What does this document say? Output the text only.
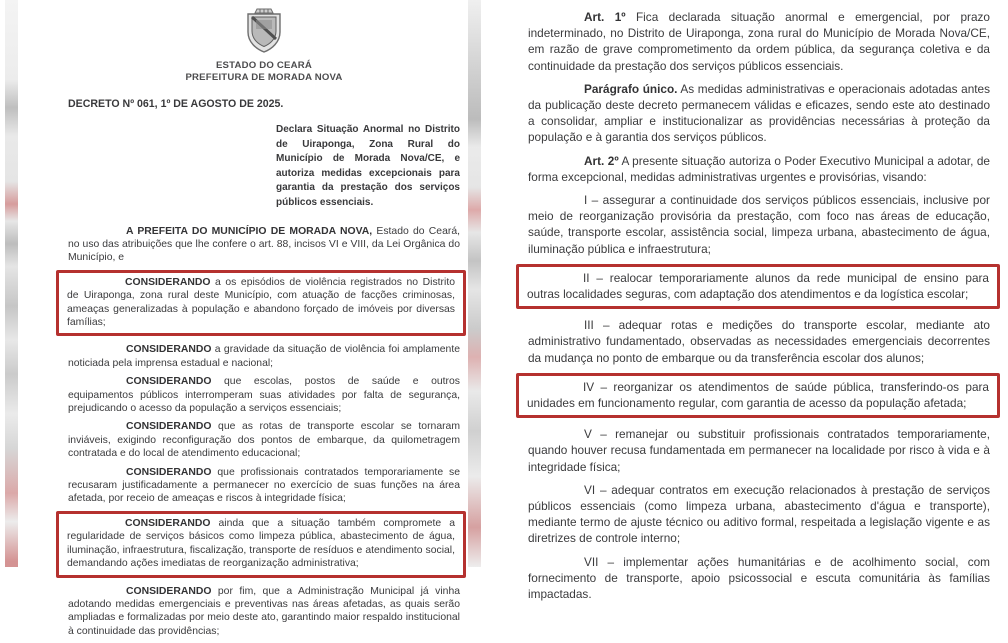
ESTADO DO CEARÁ
PREFEITURA DE MORADA NOVA
DECRETO Nº 061, 1º DE AGOSTO DE 2025.
Declara Situação Anormal no Distrito de Uiraponga, Zona Rural do Município de Morada Nova/CE, e autoriza medidas excepcionais para garantia da prestação dos serviços públicos essenciais.
A PREFEITA DO MUNICÍPIO DE MORADA NOVA, Estado do Ceará, no uso das atribuições que lhe confere o art. 88, incisos VI e VIII, da Lei Orgânica do Município, e
CONSIDERANDO a os episódios de violência registrados no Distrito de Uiraponga, zona rural deste Município, com atuação de facções criminosas, ameaças generalizadas à população e abandono forçado de imóveis por diversas famílias;
CONSIDERANDO a gravidade da situação de violência foi amplamente noticiada pela imprensa estadual e nacional;
CONSIDERANDO que escolas, postos de saúde e outros equipamentos públicos interromperam suas atividades por falta de segurança, prejudicando o acesso da população a serviços essenciais;
CONSIDERANDO que as rotas de transporte escolar se tornaram inviáveis, exigindo reconfiguração dos pontos de embarque, da quilometragem contratada e do local de atendimento educacional;
CONSIDERANDO que profissionais contratados temporariamente se recusaram justificadamente a permanecer no exercício de suas funções na área afetada, por receio de ameaças e riscos à integridade física;
CONSIDERANDO ainda que a situação também compromete a regularidade de serviços básicos como limpeza pública, abastecimento de água, iluminação, infraestrutura, fiscalização, transporte de resíduos e atendimento social, demandando ações imediatas de reorganização administrativa;
CONSIDERANDO por fim, que a Administração Municipal já vinha adotando medidas emergenciais e preventivas nas áreas afetadas, as quais serão ampliadas e formalizadas por meio deste ato, garantindo maior respaldo institucional à continuidade das providências;
Art. 1º Fica declarada situação anormal e emergencial, por prazo indeterminado, no Distrito de Uiraponga, zona rural do Município de Morada Nova/CE, em razão de grave comprometimento da ordem pública, da segurança coletiva e da continuidade da prestação dos serviços públicos essenciais.
Parágrafo único. As medidas administrativas e operacionais adotadas antes da publicação deste decreto permanecem válidas e eficazes, sendo este ato destinado a consolidar, ampliar e institucionalizar as providências necessárias à proteção da população e à garantia dos serviços públicos.
Art. 2º A presente situação autoriza o Poder Executivo Municipal a adotar, de forma excepcional, medidas administrativas urgentes e provisórias, visando:
I – assegurar a continuidade dos serviços públicos essenciais, inclusive por meio de reorganização provisória da prestação, com foco nas áreas de educação, saúde, transporte escolar, assistência social, limpeza urbana, abastecimento de água, iluminação pública e infraestrutura;
II – realocar temporariamente alunos da rede municipal de ensino para outras localidades seguras, com adaptação dos atendimentos e da logística escolar;
III – adequar rotas e medições do transporte escolar, mediante ato administrativo fundamentado, observadas as necessidades emergenciais decorrentes da mudança no ponto de embarque ou da transferência escolar dos alunos;
IV – reorganizar os atendimentos de saúde pública, transferindo-os para unidades em funcionamento regular, com garantia de acesso da população afetada;
V – remanejar ou substituir profissionais contratados temporariamente, quando houver recusa fundamentada em permanecer na localidade por risco à vida e à integridade física;
VI – adequar contratos em execução relacionados à prestação de serviços públicos essenciais (como limpeza urbana, abastecimento d'água e transporte), mediante termo de ajuste técnico ou aditivo formal, respeitada a legislação vigente e as diretrizes de controle interno;
VII – implementar ações humanitárias e de acolhimento social, com fornecimento de transporte, apoio psicossocial e escuta comunitária às famílias impactadas.
